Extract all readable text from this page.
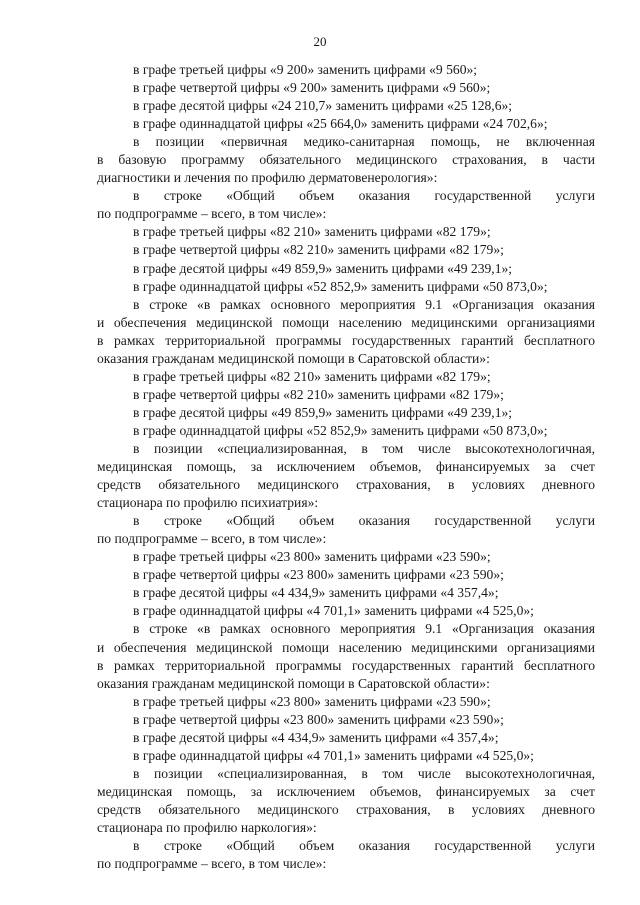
20
в графе третьей цифры «9 200» заменить цифрами «9 560»;
в графе четвертой цифры «9 200» заменить цифрами «9 560»;
в графе десятой цифры «24 210,7» заменить цифрами «25 128,6»;
в графе одиннадцатой цифры «25 664,0» заменить цифрами «24 702,6»;
в позиции «первичная медико-санитарная помощь, не включенная
в базовую программу обязательного медицинского страхования, в части
диагностики и лечения по профилю дерматовенерология»:
в строке «Общий объем оказания государственной услуги
по подпрограмме – всего, в том числе»:
в графе третьей цифры «82 210» заменить цифрами «82 179»;
в графе четвертой цифры «82 210» заменить цифрами «82 179»;
в графе десятой цифры «49 859,9» заменить цифрами «49 239,1»;
в графе одиннадцатой цифры «52 852,9» заменить цифрами «50 873,0»;
в строке «в рамках основного мероприятия 9.1 «Организация оказания
и обеспечения медицинской помощи населению медицинскими организациями
в рамках территориальной программы государственных гарантий бесплатного
оказания гражданам медицинской помощи в Саратовской области»:
в графе третьей цифры «82 210» заменить цифрами «82 179»;
в графе четвертой цифры «82 210» заменить цифрами «82 179»;
в графе десятой цифры «49 859,9» заменить цифрами «49 239,1»;
в графе одиннадцатой цифры «52 852,9» заменить цифрами «50 873,0»;
в позиции «специализированная, в том числе высокотехнологичная,
медицинская помощь, за исключением объемов, финансируемых за счет
средств обязательного медицинского страхования, в условиях дневного
стационара по профилю психиатрия»:
в строке «Общий объем оказания государственной услуги
по подпрограмме – всего, в том числе»:
в графе третьей цифры «23 800» заменить цифрами «23 590»;
в графе четвертой цифры «23 800» заменить цифрами «23 590»;
в графе десятой цифры «4 434,9» заменить цифрами «4 357,4»;
в графе одиннадцатой цифры «4 701,1» заменить цифрами «4 525,0»;
в строке «в рамках основного мероприятия 9.1 «Организация оказания
и обеспечения медицинской помощи населению медицинскими организациями
в рамках территориальной программы государственных гарантий бесплатного
оказания гражданам медицинской помощи в Саратовской области»:
в графе третьей цифры «23 800» заменить цифрами «23 590»;
в графе четвертой цифры «23 800» заменить цифрами «23 590»;
в графе десятой цифры «4 434,9» заменить цифрами «4 357,4»;
в графе одиннадцатой цифры «4 701,1» заменить цифрами «4 525,0»;
в позиции «специализированная, в том числе высокотехнологичная,
медицинская помощь, за исключением объемов, финансируемых за счет
средств обязательного медицинского страхования, в условиях дневного
стационара по профилю наркология»:
в строке «Общий объем оказания государственной услуги
по подпрограмме – всего, в том числе»:
